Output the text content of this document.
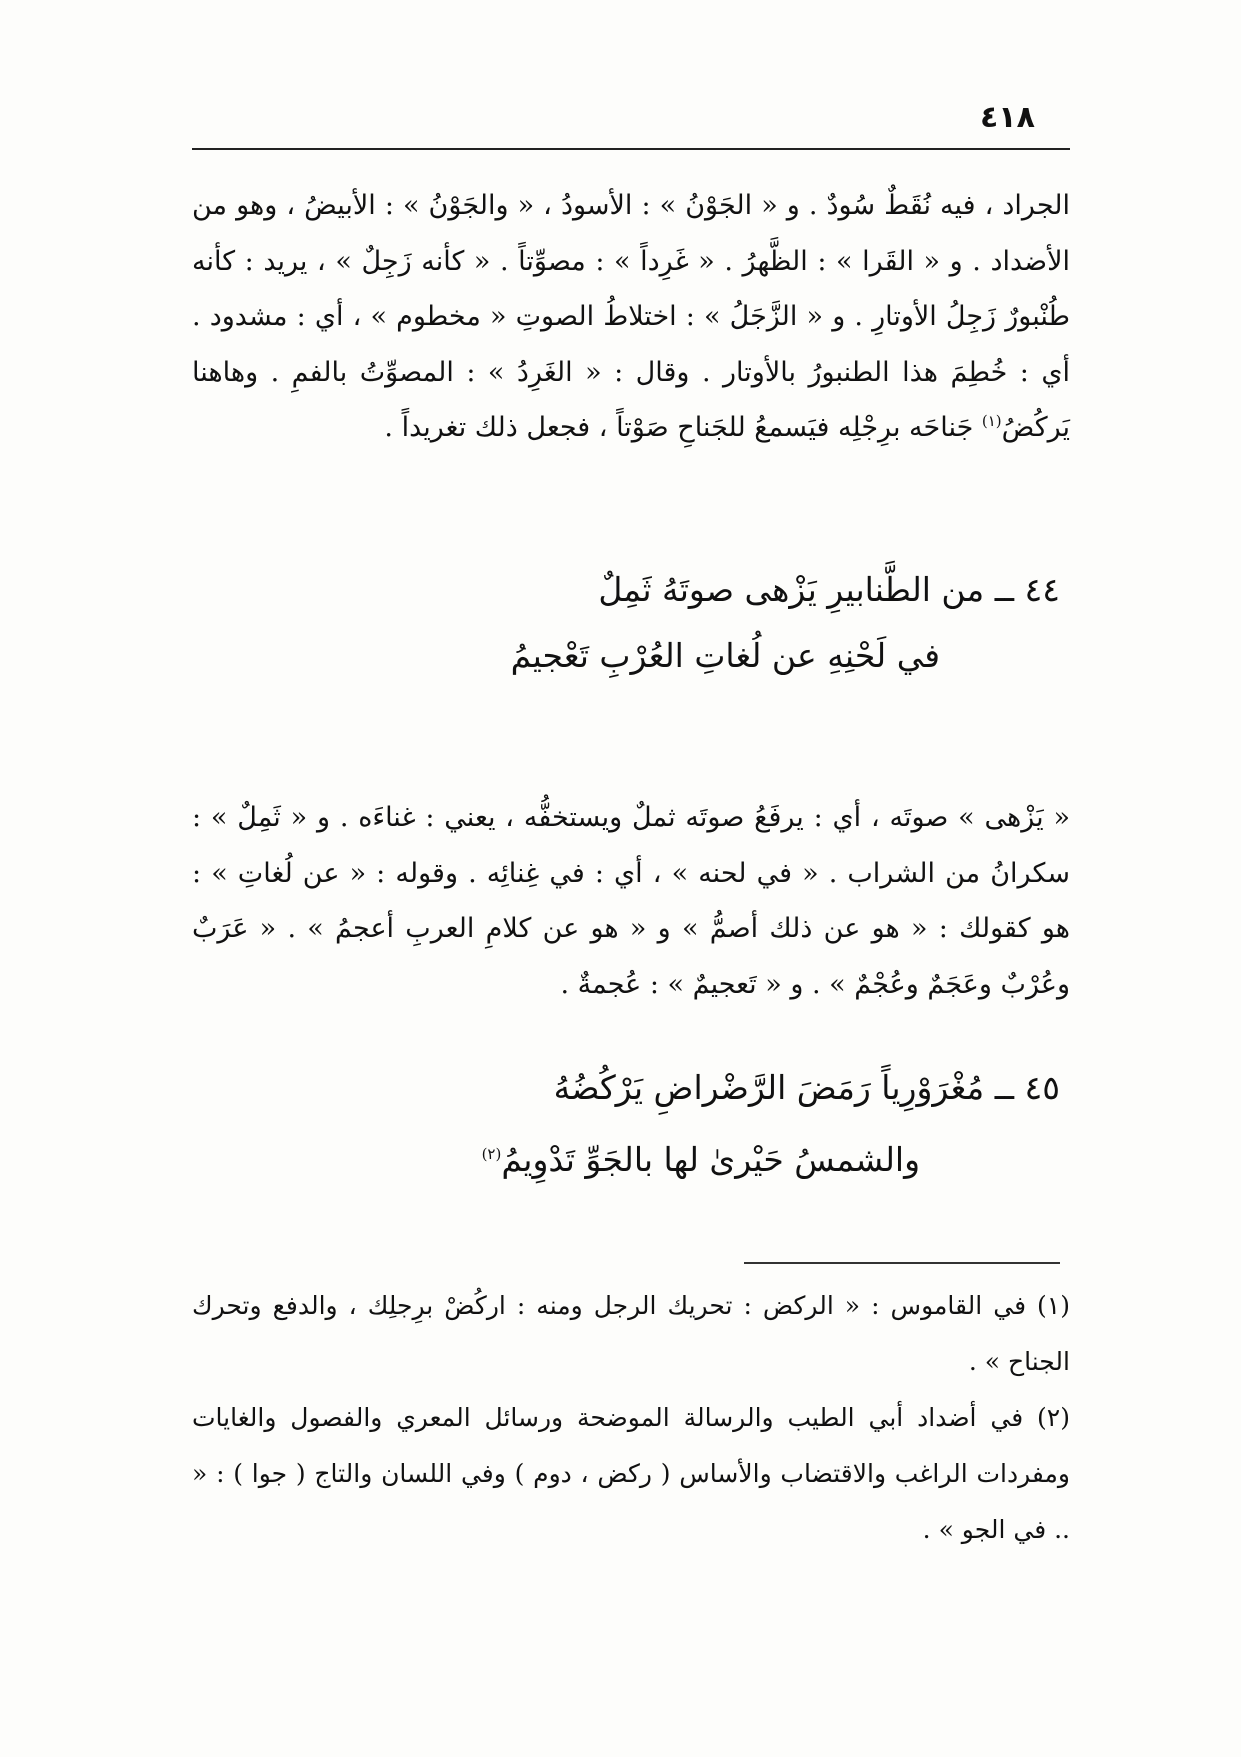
٤١٨

الجراد ، فيه نُقَطٌ سُودٌ . و « الجَوْنُ » : الأسودُ ، « والجَوْنُ » : الأبيضُ ، وهو من الأضداد . و « القَرا » : الظَّهرُ . « غَرِداً » : مصوِّتاً . « كأنه زَجِلٌ » ، يريد : كأنه طُنْبورٌ زَجِلُ الأوتارِ . و « الزَّجَلُ » : اختلاطُ الصوتِ « مخطوم » ، أي : مشدود . أي : خُطِمَ هذا الطنبورُ بالأوتار . وقال : « الغَرِدُ » : المصوِّتُ بالفمِ . وهاهنا يَركُضُ$^{(١)}$ جَناحَه برِجْلِه فيَسمعُ للجَناحِ صَوْتاً ، فجعل ذلك تغريداً .

٤٤ ــ من الطَّنابيرِ يَزْهى صوتَهُ ثَمِلٌ
في لَحْنِهِ عن لُغاتِ العُرْبِ تَعْجيمُ

« يَزْهى » صوتَه ، أي : يرفَعُ صوتَه ثملٌ ويستخفُّه ، يعني : غناءَه . و « ثَمِلٌ » : سكرانُ من الشراب . « في لحنه » ، أي : في غِنائِه . وقوله : « عن لُغاتِ » : هو كقولك : « هو عن ذلك أصمُّ » و « هو عن كلامِ العربِ أعجمُ » . « عَرَبٌ وعُرْبٌ وعَجَمٌ وعُجْمٌ » . و « تَعجيمٌ » : عُجمةٌ .

٤٥ ــ مُغْرَوْرِياً رَمَضَ الرَّضْراضِ يَرْكُضُهُ
والشمسُ حَيْرىٰ لها بالجَوِّ تَدْوِيمُ$^{(٢)}$

(١) في القاموس : « الركض : تحريك الرجل ومنه : اركُضْ برِجلِك ، والدفع وتحرك الجناح » .

(٢) في أضداد أبي الطيب والرسالة الموضحة ورسائل المعري والفصول والغايات ومفردات الراغب والاقتضاب والأساس ( ركض ، دوم ) وفي اللسان والتاج ( جوا ) : « .. في الجو » .
